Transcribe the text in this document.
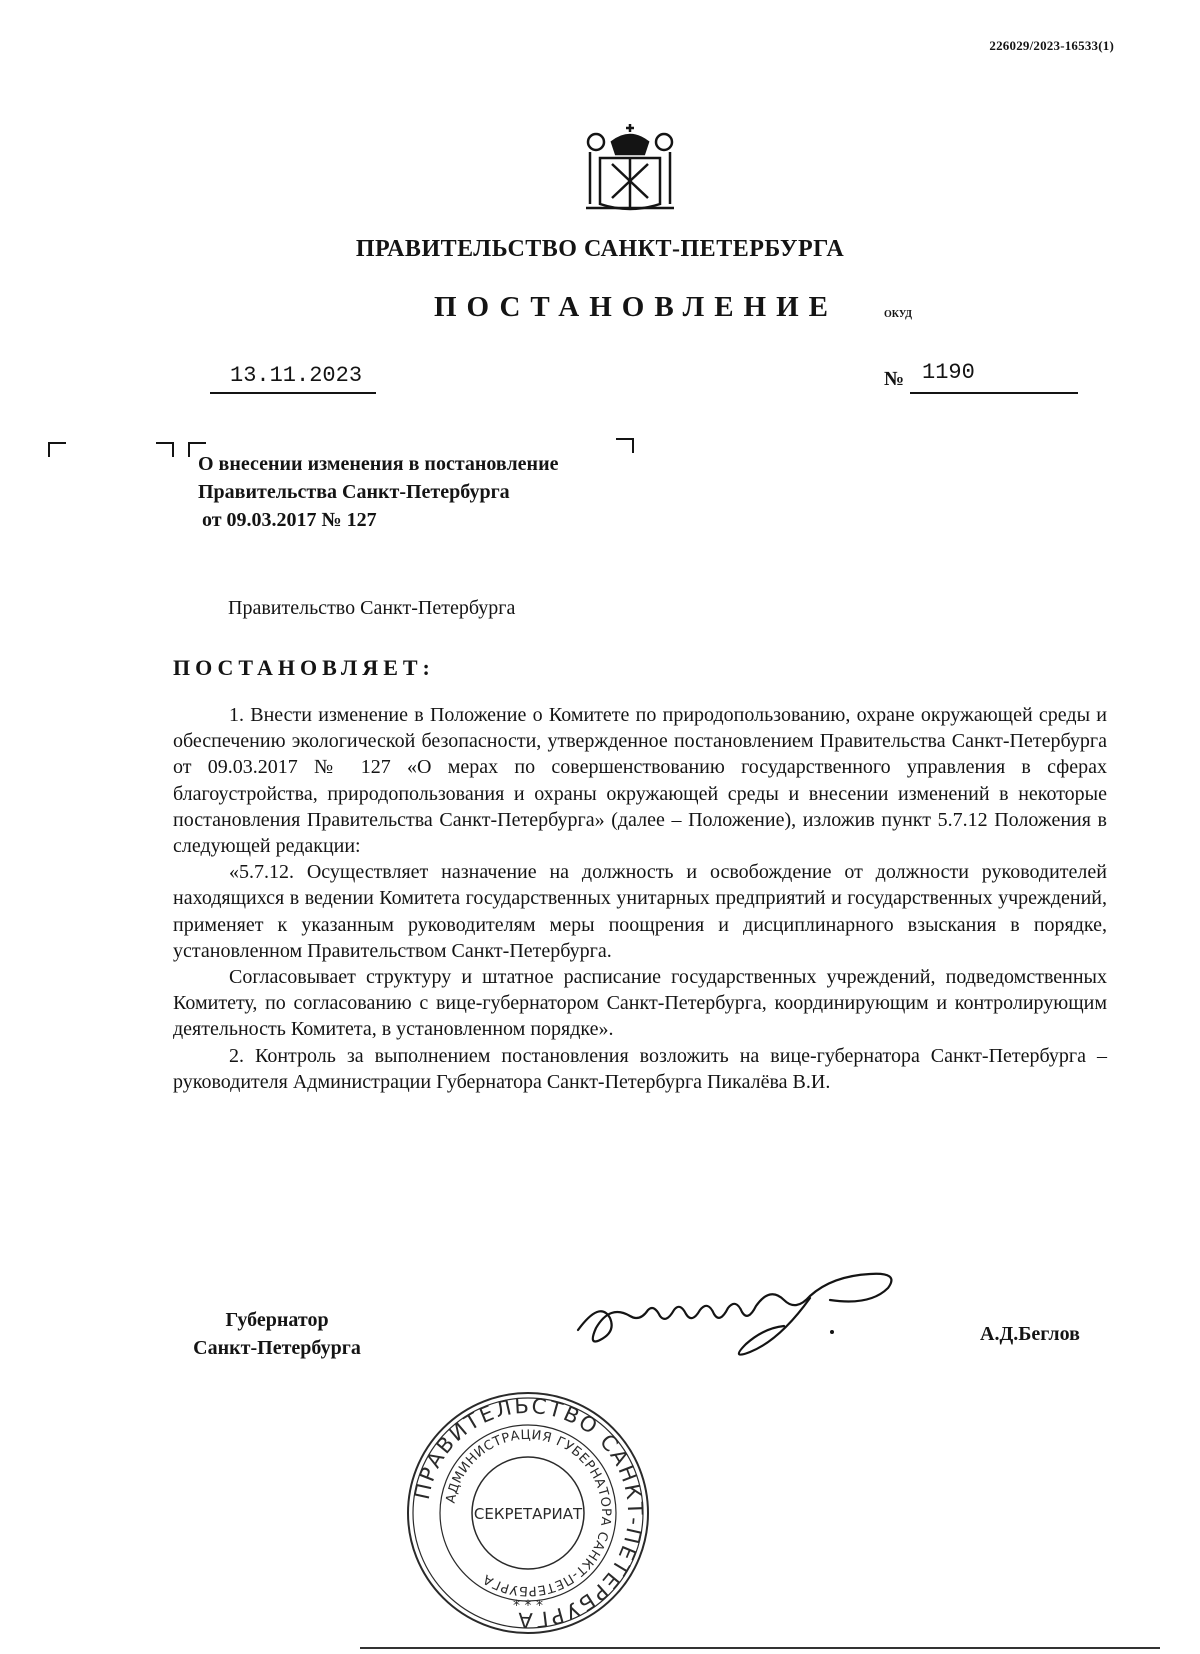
226029/2023-16533(1)
ПРАВИТЕЛЬСТВО САНКТ-ПЕТЕРБУРГА
ПОСТАНОВЛЕНИЕ	ОКУД
13.11.2023	№ 1190
О внесении изменения в постановление
Правительства Санкт-Петербурга
от 09.03.2017 № 127
Правительство Санкт-Петербурга
ПОСТАНОВЛЯЕТ:

1. Внести изменение в Положение о Комитете по природопользованию, охране окружающей среды и обеспечению экологической безопасности, утвержденное постановлением Правительства Санкт-Петербурга от 09.03.2017 № 127 «О мерах по совершенствованию государственного управления в сферах благоустройства, природопользования и охраны окружающей среды и внесении изменений в некоторые постановления Правительства Санкт-Петербурга» (далее – Положение), изложив пункт 5.7.12 Положения в следующей редакции:

«5.7.12. Осуществляет назначение на должность и освобождение от должности руководителей находящихся в ведении Комитета государственных унитарных предприятий и государственных учреждений, применяет к указанным руководителям меры поощрения и дисциплинарного взыскания в порядке, установленном Правительством Санкт-Петербурга.

Согласовывает структуру и штатное расписание государственных учреждений, подведомственных Комитету, по согласованию с вице-губернатором Санкт-Петербурга, координирующим и контролирующим деятельность Комитета, в установленном порядке».

2. Контроль за выполнением постановления возложить на вице-губернатора Санкт-Петербурга – руководителя Администрации Губернатора Санкт-Петербурга Пикалёва В.И.

Губернатор
Санкт-Петербурга
А.Д.Беглов
ПРАВИТЕЛЬСТВО САНКТ-ПЕТЕРБУРГА
АДМИНИСТРАЦИЯ ГУБЕРНАТОРА САНКТ-ПЕТЕРБУРГА
СЕКРЕТАРИАТ
* * *
